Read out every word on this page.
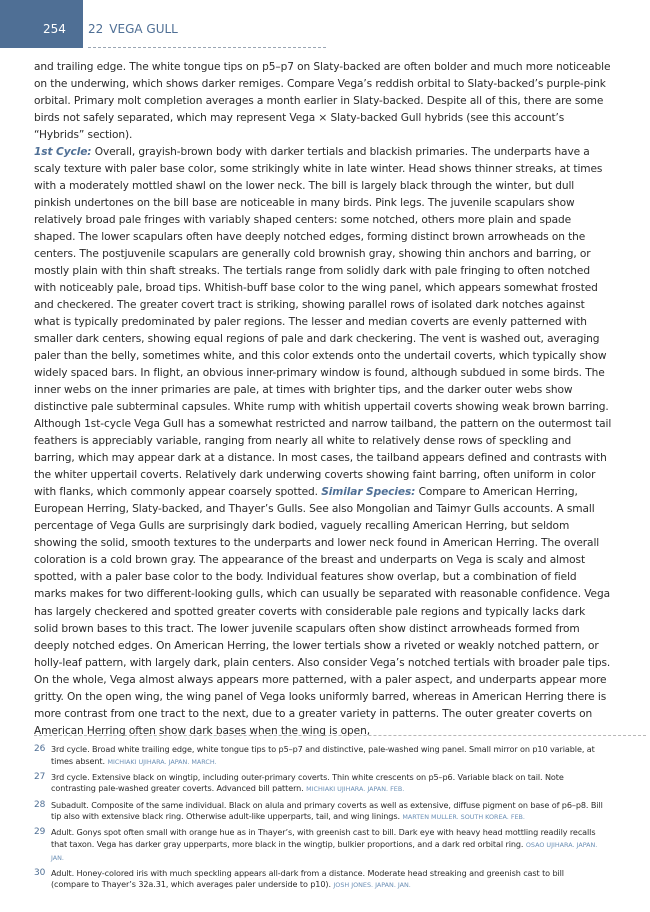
254 22 VEGA GULL

and trailing edge. The white tongue tips on p5–p7 on Slaty-backed are often bolder and much more noticeable on the underwing, which shows darker remiges. Compare Vega’s reddish orbital to Slaty-backed’s purple-pink orbital. Primary molt completion averages a month earlier in Slaty-backed. Despite all of this, there are some birds not safely separated, which may represent Vega × Slaty-backed Gull hybrids (see this account’s “Hybrids” section).

1st Cycle: Overall, grayish-brown body with darker tertials and blackish primaries. The underparts have a scaly texture with paler base color, some strikingly white in late winter. Head shows thinner streaks, at times with a moderately mottled shawl on the lower neck. The bill is largely black through the winter, but dull pinkish undertones on the bill base are noticeable in many birds. Pink legs. The juvenile scapulars show relatively broad pale fringes with variably shaped centers: some notched, others more plain and spade shaped. The lower scapulars often have deeply notched edges, forming distinct brown arrowheads on the centers. The postjuvenile scapulars are generally cold brownish gray, showing thin anchors and barring, or mostly plain with thin shaft streaks. The tertials range from solidly dark with pale fringing to often notched with noticeably pale, broad tips. Whitish-buff base color to the wing panel, which appears somewhat frosted and checkered. The greater covert tract is striking, showing parallel rows of isolated dark notches against what is typically predominated by paler regions. The lesser and median coverts are evenly patterned with smaller dark centers, showing equal regions of pale and dark checkering. The vent is washed out, averaging paler than the belly, sometimes white, and this color extends onto the undertail coverts, which typically show widely spaced bars. In flight, an obvious inner-primary window is found, although subdued in some birds. The inner webs on the inner primaries are pale, at times with brighter tips, and the darker outer webs show distinctive pale subterminal capsules. White rump with whitish uppertail coverts showing weak brown barring. Although 1st-cycle Vega Gull has a somewhat restricted and narrow tailband, the pattern on the outermost tail feathers is appreciably variable, ranging from nearly all white to relatively dense rows of speckling and barring, which may appear dark at a distance. In most cases, the tailband appears defined and contrasts with the whiter uppertail coverts. Relatively dark underwing coverts showing faint barring, often uniform in color with flanks, which commonly appear coarsely spotted. Similar Species: Compare to American Herring, European Herring, Slaty-backed, and Thayer’s Gulls. See also Mongolian and Taimyr Gulls accounts. A small percentage of Vega Gulls are surprisingly dark bodied, vaguely recalling American Herring, but seldom showing the solid, smooth textures to the underparts and lower neck found in American Herring. The overall coloration is a cold brown gray. The appearance of the breast and underparts on Vega is scaly and almost spotted, with a paler base color to the body. Individual features show overlap, but a combination of field marks makes for two different-looking gulls, which can usually be separated with reasonable confidence. Vega has largely checkered and spotted greater coverts with considerable pale regions and typically lacks dark solid brown bases to this tract. The lower juvenile scapulars often show distinct arrowheads formed from deeply notched edges. On American Herring, the lower tertials show a riveted or weakly notched pattern, or holly-leaf pattern, with largely dark, plain centers. Also consider Vega’s notched tertials with broader pale tips. On the whole, Vega almost always appears more patterned, with a paler aspect, and underparts appear more gritty. On the open wing, the wing panel of Vega looks uniformly barred, whereas in American Herring there is more contrast from one tract to the next, due to a greater variety in patterns. The outer greater coverts on American Herring often show dark bases when the wing is open,

26 3rd cycle. Broad white trailing edge, white tongue tips to p5–p7 and distinctive, pale-washed wing panel. Small mirror on p10 variable, at times absent. MICHIAKI UJIHARA. JAPAN. MARCH.
27 3rd cycle. Extensive black on wingtip, including outer-primary coverts. Thin white crescents on p5–p6. Variable black on tail. Note contrasting pale-washed greater coverts. Advanced bill pattern. MICHIAKI UJIHARA. JAPAN. FEB.
28 Subadult. Composite of the same individual. Black on alula and primary coverts as well as extensive, diffuse pigment on base of p6–p8. Bill tip also with extensive black ring. Otherwise adult-like upperparts, tail, and wing linings. MARTEN MULLER. SOUTH KOREA. FEB.
29 Adult. Gonys spot often small with orange hue as in Thayer’s, with greenish cast to bill. Dark eye with heavy head mottling readily recalls that taxon. Vega has darker gray upperparts, more black in the wingtip, bulkier proportions, and a dark red orbital ring. OSAO UJIHARA. JAPAN. JAN.
30 Adult. Honey-colored iris with much speckling appears all-dark from a distance. Moderate head streaking and greenish cast to bill (compare to Thayer’s 32a.31, which averages paler underside to p10). JOSH JONES. JAPAN. JAN.
